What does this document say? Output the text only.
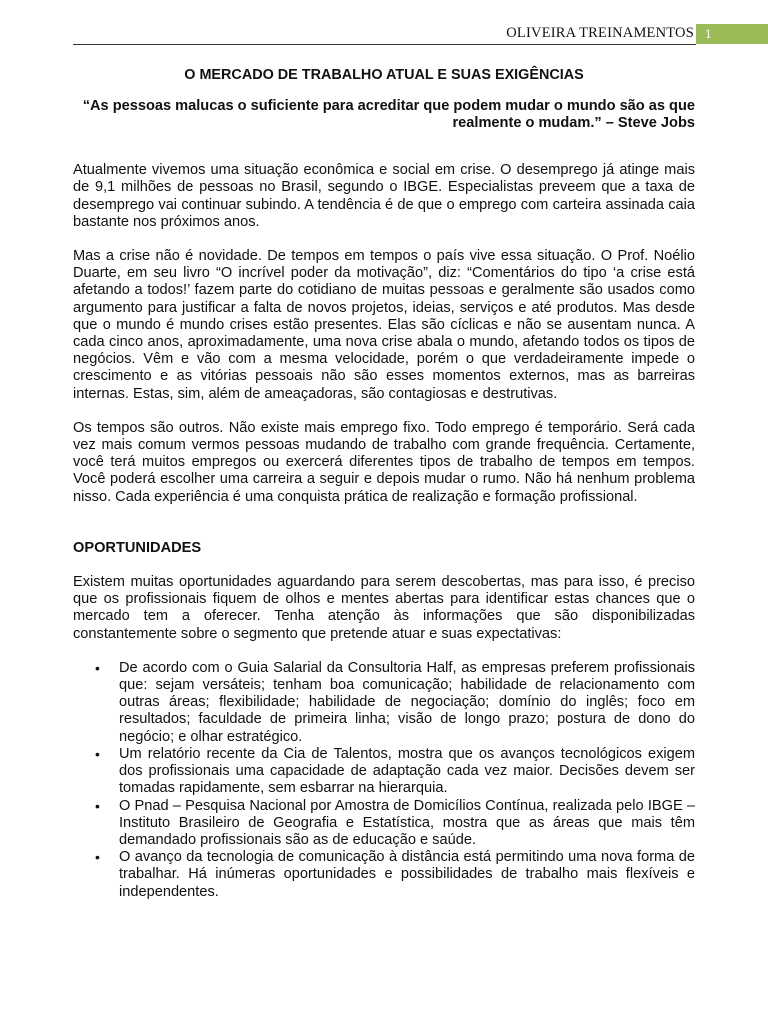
OLIVEIRA TREINAMENTOS 1
O MERCADO DE TRABALHO ATUAL E SUAS EXIGÊNCIAS
“As pessoas malucas o suficiente para acreditar que podem mudar o mundo são as que realmente o mudam.” – Steve Jobs

Atualmente vivemos uma situação econômica e social em crise. O desemprego já atinge mais de 9,1 milhões de pessoas no Brasil, segundo o IBGE. Especialistas preveem que a taxa de desemprego vai continuar subindo. A tendência é de que o emprego com carteira assinada caia bastante nos próximos anos.

Mas a crise não é novidade. De tempos em tempos o país vive essa situação. O Prof. Noélio Duarte, em seu livro “O incrível poder da motivação”, diz: “Comentários do tipo ‘a crise está afetando a todos!’ fazem parte do cotidiano de muitas pessoas e geralmente são usados como argumento para justificar a falta de novos projetos, ideias, serviços e até produtos. Mas desde que o mundo é mundo crises estão presentes. Elas são cíclicas e não se ausentam nunca. A cada cinco anos, aproximadamente, uma nova crise abala o mundo, afetando todos os tipos de negócios. Vêm e vão com a mesma velocidade, porém o que verdadeiramente impede o crescimento e as vitórias pessoais não são esses momentos externos, mas as barreiras internas. Estas, sim, além de ameaçadoras, são contagiosas e destrutivas.

Os tempos são outros. Não existe mais emprego fixo. Todo emprego é temporário. Será cada vez mais comum vermos pessoas mudando de trabalho com grande frequência. Certamente, você terá muitos empregos ou exercerá diferentes tipos de trabalho de tempos em tempos. Você poderá escolher uma carreira a seguir e depois mudar o rumo. Não há nenhum problema nisso. Cada experiência é uma conquista prática de realização e formação profissional.

OPORTUNIDADES

Existem muitas oportunidades aguardando para serem descobertas, mas para isso, é preciso que os profissionais fiquem de olhos e mentes abertas para identificar estas chances que o mercado tem a oferecer. Tenha atenção às informações que são disponibilizadas constantemente sobre o segmento que pretende atuar e suas expectativas:

• De acordo com o Guia Salarial da Consultoria Half, as empresas preferem profissionais que: sejam versáteis; tenham boa comunicação; habilidade de relacionamento com outras áreas; flexibilidade; habilidade de negociação; domínio do inglês; foco em resultados; faculdade de primeira linha; visão de longo prazo; postura de dono do negócio; e olhar estratégico.
• Um relatório recente da Cia de Talentos, mostra que os avanços tecnológicos exigem dos profissionais uma capacidade de adaptação cada vez maior. Decisões devem ser tomadas rapidamente, sem esbarrar na hierarquia.
• O Pnad – Pesquisa Nacional por Amostra de Domicílios Contínua, realizada pelo IBGE – Instituto Brasileiro de Geografia e Estatística, mostra que as áreas que mais têm demandado profissionais são as de educação e saúde.
• O avanço da tecnologia de comunicação à distância está permitindo uma nova forma de trabalhar. Há inúmeras oportunidades e possibilidades de trabalho mais flexíveis e independentes.
